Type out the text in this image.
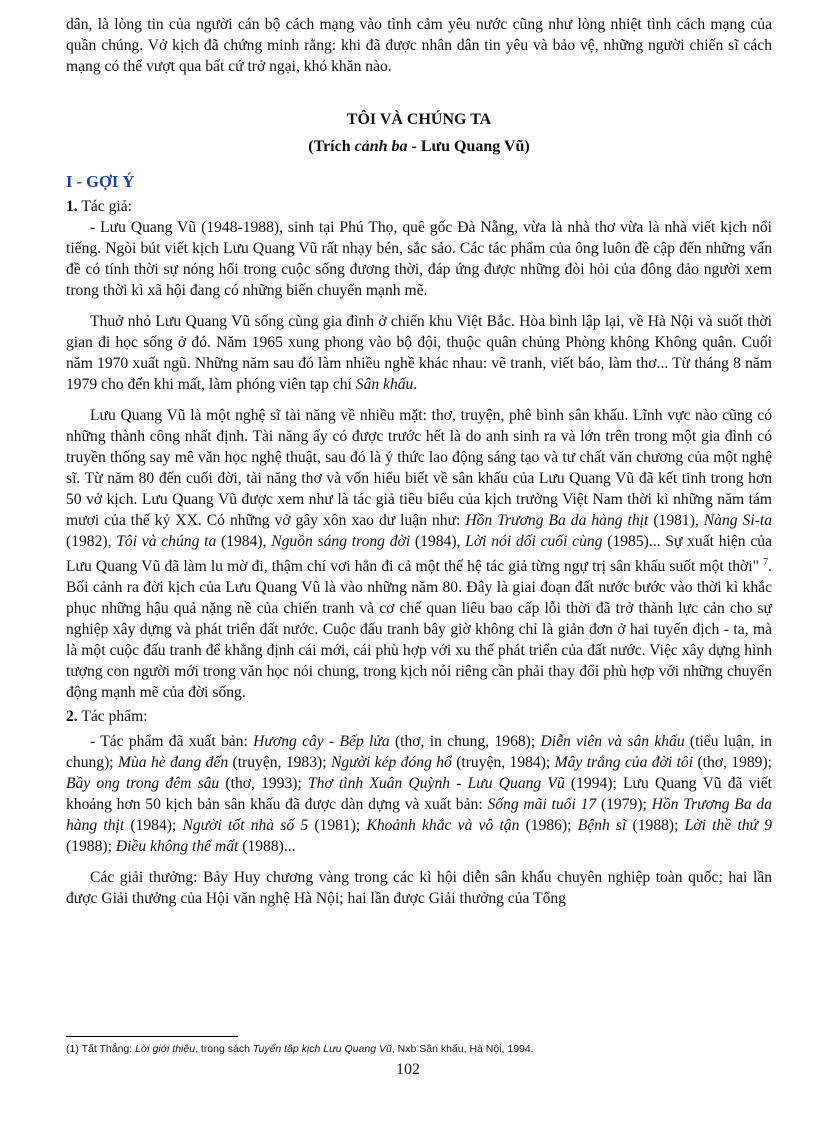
dân, là lòng tin của người cán bộ cách mạng vào tình cảm yêu nước cũng như lòng nhiệt tình cách mạng của quần chúng. Vở kịch đã chứng minh rằng: khi đã được nhân dân tin yêu và bảo vệ, những người chiến sĩ cách mạng có thể vượt qua bất cứ trở ngại, khó khăn nào.

TÔI VÀ CHÚNG TA
(Trích cảnh ba - Lưu Quang Vũ)
I - GỢI Ý

1. Tác giả:

- Lưu Quang Vũ (1948-1988), sinh tại Phú Thọ, quê gốc Đà Nẵng, vừa là nhà thơ vừa là nhà viết kịch nổi tiếng. Ngòi bút viết kịch Lưu Quang Vũ rất nhạy bén, sắc sảo. Các tác phẩm của ông luôn đề cập đến những vấn đề có tính thời sự nóng hổi trong cuộc sống đương thời, đáp ứng được những đòi hỏi của đông đảo người xem trong thời kì xã hội đang có những biến chuyển mạnh mẽ.

Thuở nhỏ Lưu Quang Vũ sống cùng gia đình ở chiến khu Việt Bắc. Hòa bình lập lại, về Hà Nội và suốt thời gian đi học sống ở đó. Năm 1965 xung phong vào bộ đội, thuộc quân chủng Phòng không Không quân. Cuối năm 1970 xuất ngũ. Những năm sau đó làm nhiều nghề khác nhau: vẽ tranh, viết báo, làm thơ... Từ tháng 8 năm 1979 cho đến khi mất, làm phóng viên tạp chí Sân khấu.

Lưu Quang Vũ là một nghệ sĩ tài năng về nhiều mặt: thơ, truyện, phê bình sân khấu. Lĩnh vực nào cũng có những thành công nhất định. Tài năng ấy có được trước hết là do anh sinh ra và lớn trên trong một gia đình có truyền thống say mê văn học nghệ thuật, sau đó là ý thức lao động sáng tạo và tư chất văn chương của một nghệ sĩ. Từ năm 80 đến cuối đời, tài năng thơ và vốn hiểu biết về sân khấu của Lưu Quang Vũ đã kết tinh trong hơn 50 vở kịch. Lưu Quang Vũ được xem như là tác giả tiêu biểu của kịch trường Việt Nam thời kì những năm tám mươi của thế kỷ XX. Có những vở gây xôn xao dư luận như: Hồn Trương Ba da hàng thịt (1981), Nàng Si-ta (1982), Tôi và chúng ta (1984), Nguồn sáng trong đời (1984), Lời nói dối cuối cùng (1985)... Sự xuất hiện của Lưu Quang Vũ đã làm lu mờ đi, thậm chí vơi hẳn đi cả một thế hệ tác giả từng ngự trị sân khấu suốt một thời" $^7$. Bối cảnh ra đời kịch của Lưu Quang Vũ là vào những năm 80. Đây là giai đoạn đất nước bước vào thời kì khắc phục những hậu quả nặng nề của chiến tranh và cơ chế quan liêu bao cấp lỗi thời đã trở thành lực cản cho sự nghiệp xây dựng và phát triển đất nước. Cuộc đấu tranh bây giờ không chỉ là giản đơn ở hai tuyến địch - ta, mà là một cuộc đấu tranh để khẳng định cái mới, cái phù hợp với xu thế phát triển của đất nước. Việc xây dựng hình tượng con người mới trong văn học nói chung, trong kịch nói riêng cần phải thay đổi phù hợp với những chuyển động mạnh mẽ của đời sống.

2. Tác phẩm:

- Tác phẩm đã xuất bản: Hương cây - Bếp lửa (thơ, in chung, 1968); Diễn viên và sân khấu (tiểu luận, in chung); Mùa hè đang đến (truyện, 1983); Người kép đóng hổ (truyện, 1984); Mây trắng của đời tôi (thơ, 1989); Bầy ong trong đêm sâu (thơ, 1993); Thơ tình Xuân Quỳnh - Lưu Quang Vũ (1994); Lưu Quang Vũ đã viết khoảng hơn 50 kịch bản sân khấu đã được dàn dựng và xuất bản: Sống mãi tuổi 17 (1979); Hồn Trương Ba da hàng thịt (1984); Người tốt nhà số 5 (1981); Khoảnh khắc và vô tận (1986); Bệnh sĩ (1988); Lời thề thứ 9 (1988); Điều không thể mất (1988)...

Các giải thưởng: Bảy Huy chương vàng trong các kì hội diễn sân khấu chuyên nghiệp toàn quốc; hai lần được Giải thưởng của Hội văn nghệ Hà Nội; hai lần được Giải thưởng của Tổng

(1) Tất Thắng: Lời giới thiệu, trong sách Tuyển tập kịch Lưu Quang Vũ, Nxb Sân khấu, Hà Nội, 1994.
102
